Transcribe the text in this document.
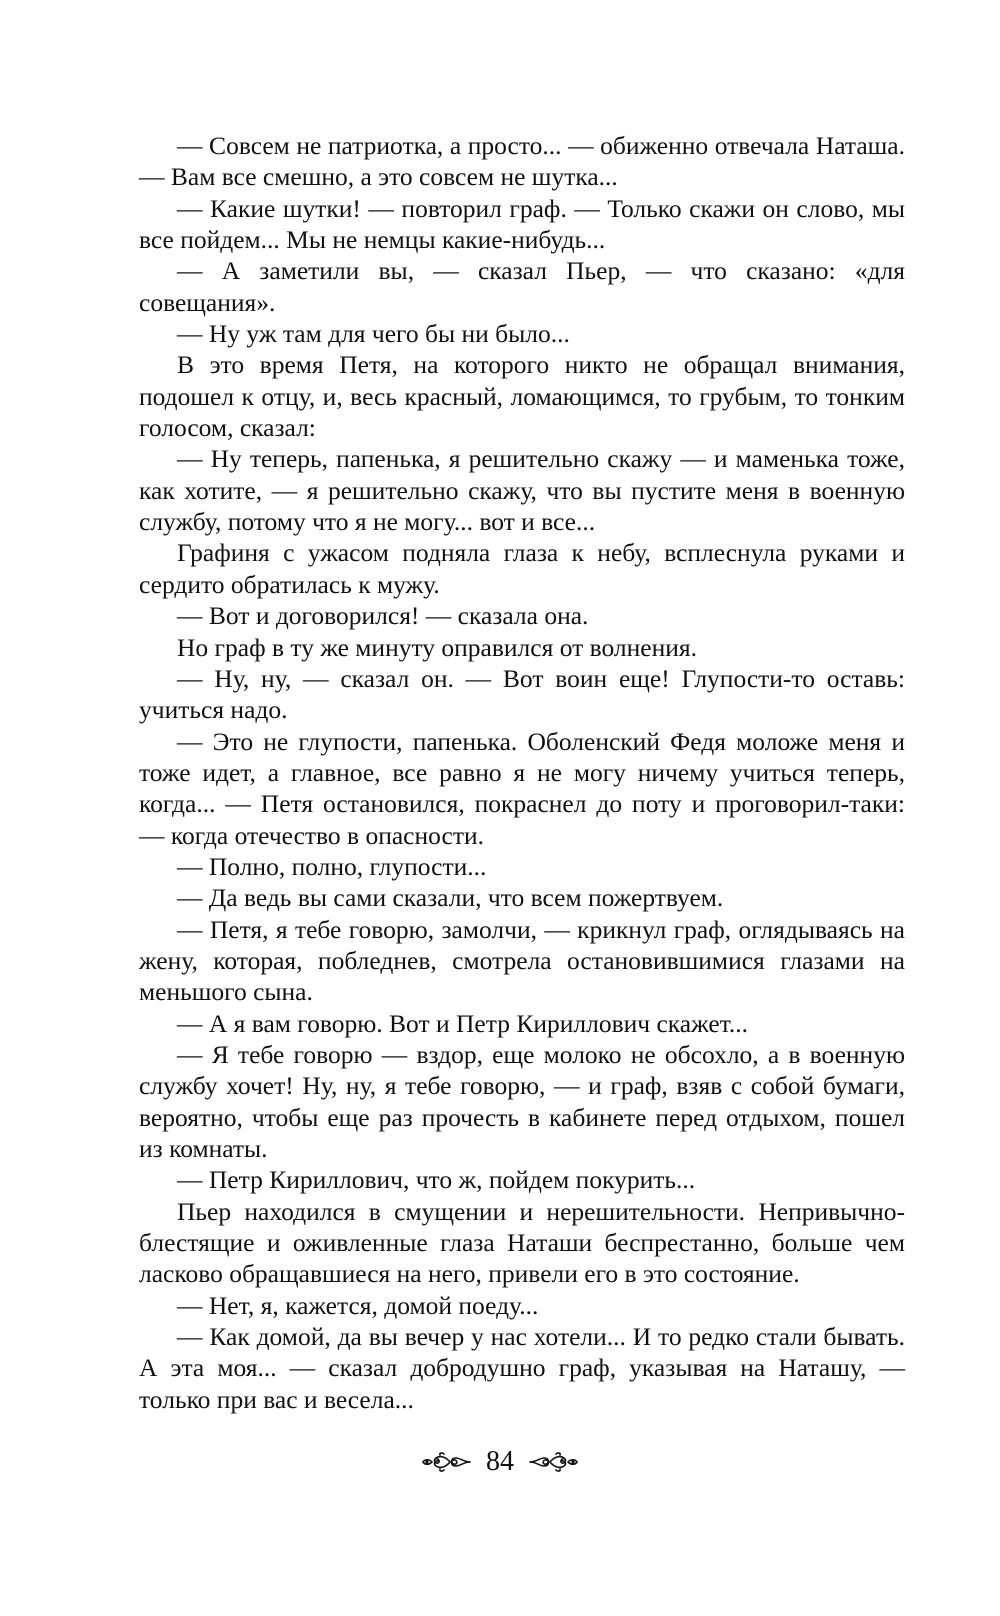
— Совсем не патриотка, а просто... — обиженно отвечала Наташа. — Вам все смешно, а это совсем не шутка...

— Какие шутки! — повторил граф. — Только скажи он слово, мы все пойдем... Мы не немцы какие-нибудь...

— А заметили вы, — сказал Пьер, — что сказано: «для совещания».

— Ну уж там для чего бы ни было...

В это время Петя, на которого никто не обращал внимания, подошел к отцу, и, весь красный, ломающимся, то грубым, то тонким голосом, сказал:

— Ну теперь, папенька, я решительно скажу — и маменька тоже, как хотите, — я решительно скажу, что вы пустите меня в военную службу, потому что я не могу... вот и все...

Графиня с ужасом подняла глаза к небу, всплеснула руками и сердито обратилась к мужу.

— Вот и договорился! — сказала она.

Но граф в ту же минуту оправился от волнения.

— Ну, ну, — сказал он. — Вот воин еще! Глупости-то оставь: учиться надо.

— Это не глупости, папенька. Оболенский Федя моложе меня и тоже идет, а главное, все равно я не могу ничему учиться теперь, когда... — Петя остановился, покраснел до поту и проговорил-таки: — когда отечество в опасности.

— Полно, полно, глупости...

— Да ведь вы сами сказали, что всем пожертвуем.

— Петя, я тебе говорю, замолчи, — крикнул граф, оглядываясь на жену, которая, побледнев, смотрела остановившимися глазами на меньшого сына.

— А я вам говорю. Вот и Петр Кириллович скажет...

— Я тебе говорю — вздор, еще молоко не обсохло, а в военную службу хочет! Ну, ну, я тебе говорю, — и граф, взяв с собой бумаги, вероятно, чтобы еще раз прочесть в кабинете перед отдыхом, пошел из комнаты.

— Петр Кириллович, что ж, пойдем покурить...

Пьер находился в смущении и нерешительности. Непривычно-блестящие и оживленные глаза Наташи беспрестанно, больше чем ласково обращавшиеся на него, привели его в это состояние.

— Нет, я, кажется, домой поеду...

— Как домой, да вы вечер у нас хотели... И то редко стали бывать. А эта моя... — сказал добродушно граф, указывая на Наташу, — только при вас и весела...

84
